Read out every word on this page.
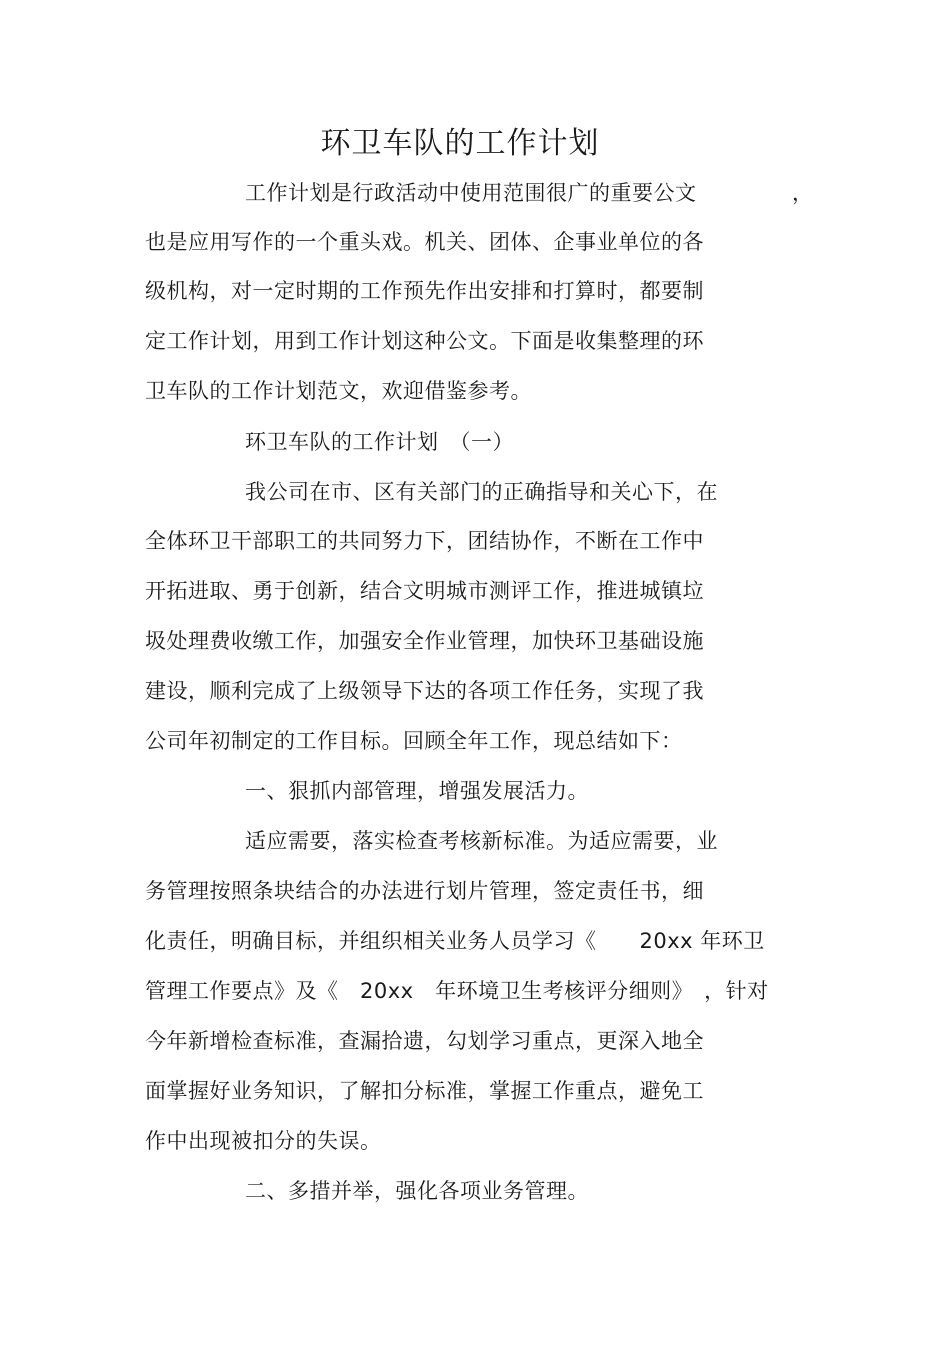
环卫车队的工作计划
工作计划是行政活动中使用范围很广的重要公文	，
也是应用写作的一个重头戏。机关、团体、企事业单位的各
级机构，对一定时期的工作预先作出安排和打算时，都要制
定工作计划，用到工作计划这种公文。下面是收集整理的环
卫车队的工作计划范文，欢迎借鉴参考。
环卫车队的工作计划　（一）
我公司在市、区有关部门的正确指导和关心下，在
全体环卫干部职工的共同努力下，团结协作，不断在工作中
开拓进取、勇于创新，结合文明城市测评工作，推进城镇垃
圾处理费收缴工作，加强安全作业管理，加快环卫基础设施
建设，顺利完成了上级领导下达的各项工作任务，实现了我
公司年初制定的工作目标。回顾全年工作，现总结如下：
一、狠抓内部管理，增强发展活力。
适应需要，落实检查考核新标准。为适应需要，业
务管理按照条块结合的办法进行划片管理，签定责任书，细
化责任，明确目标，并组织相关业务人员学习《　　20xx 年环卫
管理工作要点》及《　20xx　年环境卫生考核评分细则》　，针对
今年新增检查标准，查漏拾遗，勾划学习重点，更深入地全
面掌握好业务知识，了解扣分标准，掌握工作重点，避免工
作中出现被扣分的失误。
二、多措并举，强化各项业务管理。
